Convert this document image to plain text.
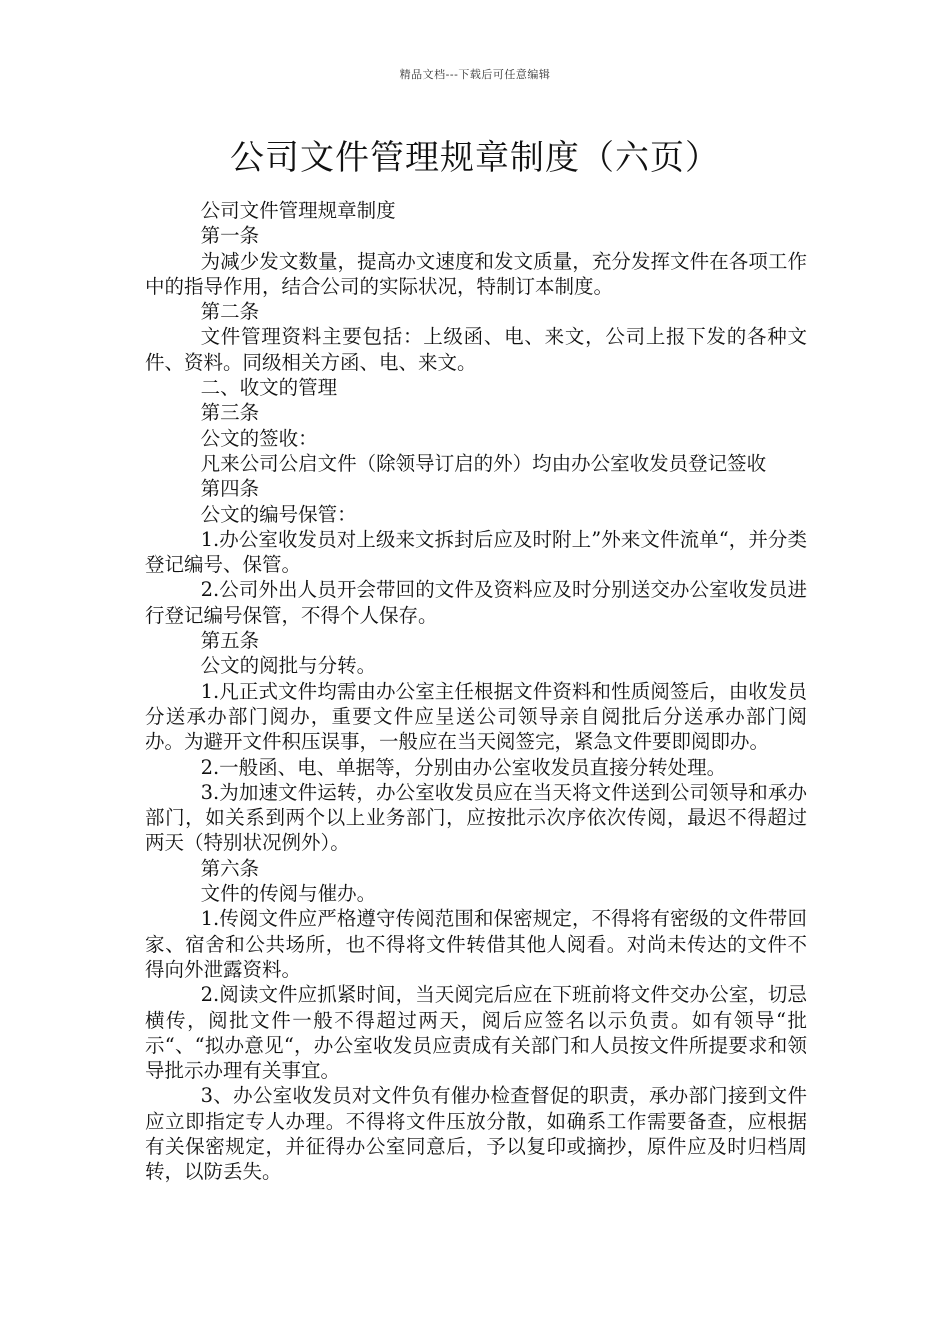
精品文档---下载后可任意编辑
公司文件管理规章制度（六页）

公司文件管理规章制度

第一条

为减少发文数量，提高办文速度和发文质量，充分发挥文件在各项工作中的指导作用，结合公司的实际状况，特制订本制度。

第二条

文件管理资料主要包括：上级函、电、来文，公司上报下发的各种文件、资料。同级相关方函、电、来文。

二、收文的管理

第三条

公文的签收：

凡来公司公启文件（除领导订启的外）均由办公室收发员登记签收

第四条

公文的编号保管：

1.办公室收发员对上级来文拆封后应及时附上”外来文件流单“，并分类登记编号、保管。

2.公司外出人员开会带回的文件及资料应及时分别送交办公室收发员进行登记编号保管，不得个人保存。

第五条

公文的阅批与分转。

1.凡正式文件均需由办公室主任根据文件资料和性质阅签后，由收发员分送承办部门阅办，重要文件应呈送公司领导亲自阅批后分送承办部门阅办。为避开文件积压误事，一般应在当天阅签完，紧急文件要即阅即办。

2.一般函、电、单据等，分别由办公室收发员直接分转处理。

3.为加速文件运转，办公室收发员应在当天将文件送到公司领导和承办部门，如关系到两个以上业务部门，应按批示次序依次传阅，最迟不得超过两天（特别状况例外）。

第六条

文件的传阅与催办。

1.传阅文件应严格遵守传阅范围和保密规定，不得将有密级的文件带回家、宿舍和公共场所，也不得将文件转借其他人阅看。对尚未传达的文件不得向外泄露资料。

2.阅读文件应抓紧时间，当天阅完后应在下班前将文件交办公室，切忌横传，阅批文件一般不得超过两天，阅后应签名以示负责。如有领导“批示“、“拟办意见“，办公室收发员应责成有关部门和人员按文件所提要求和领导批示办理有关事宜。

3、办公室收发员对文件负有催办检查督促的职责，承办部门接到文件应立即指定专人办理。不得将文件压放分散，如确系工作需要备查，应根据有关保密规定，并征得办公室同意后，予以复印或摘抄，原件应及时归档周转，以防丢失。
